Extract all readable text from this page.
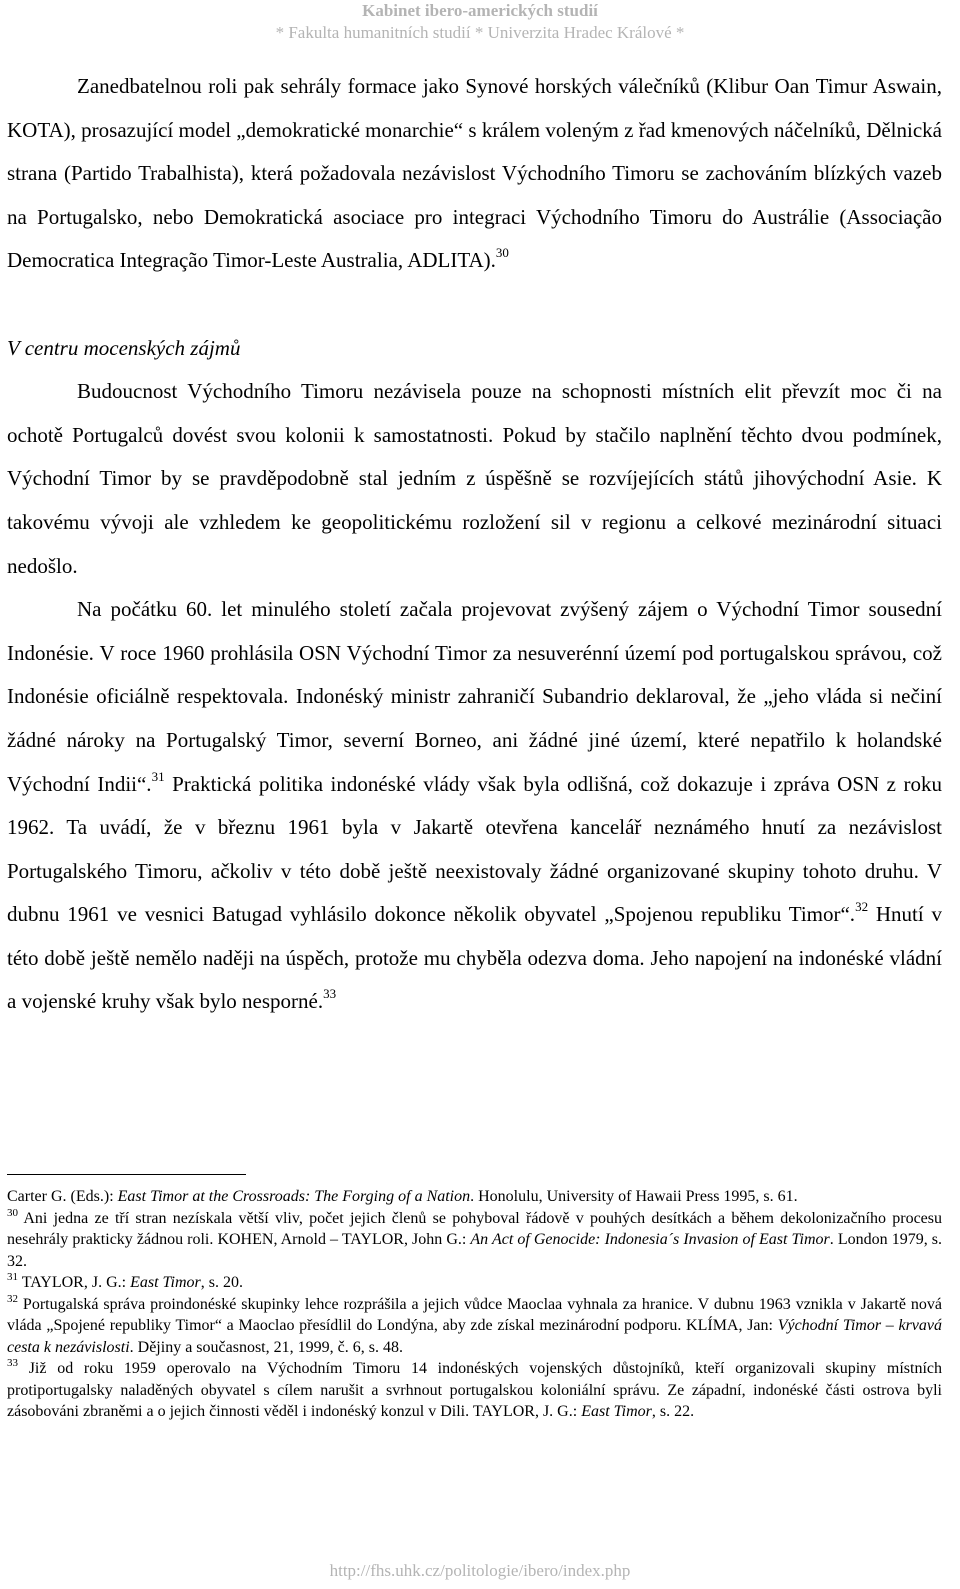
Kabinet ibero-amerických studií
* Fakulta humanitních studií * Univerzita Hradec Králové *

Zanedbatelnou roli pak sehrály formace jako Synové horských válečníků (Klibur Oan Timur Aswain, KOTA), prosazující model „demokratické monarchie“ s králem voleným z řad kmenových náčelníků, Dělnická strana (Partido Trabalhista), která požadovala nezávislost Východního Timoru se zachováním blízkých vazeb na Portugalsko, nebo Demokratická asociace pro integraci Východního Timoru do Austrálie (Associação Democratica Integração Timor-Leste Australia, ADLITA).$^{30}$

V centru mocenských zájmů

Budoucnost Východního Timoru nezávisela pouze na schopnosti místních elit převzít moc či na ochotě Portugalců dovést svou kolonii k samostatnosti. Pokud by stačilo naplnění těchto dvou podmínek, Východní Timor by se pravděpodobně stal jedním z úspěšně se rozvíjejících států jihovýchodní Asie. K takovému vývoji ale vzhledem ke geopolitickému rozložení sil v regionu a celkové mezinárodní situaci nedošlo.

Na počátku 60. let minulého století začala projevovat zvýšený zájem o Východní Timor sousední Indonésie. V roce 1960 prohlásila OSN Východní Timor za nesuverénní území pod portugalskou správou, což Indonésie oficiálně respektovala. Indonéský ministr zahraničí Subandrio deklaroval, že „jeho vláda si nečiní žádné nároky na Portugalský Timor, severní Borneo, ani žádné jiné území, které nepatřilo k holandské Východní Indii“.$^{31}$ Praktická politika indonéské vlády však byla odlišná, což dokazuje i zpráva OSN z roku 1962. Ta uvádí, že v březnu 1961 byla v Jakartě otevřena kancelář neznámého hnutí za nezávislost Portugalského Timoru, ačkoliv v této době ještě neexistovaly žádné organizované skupiny tohoto druhu. V dubnu 1961 ve vesnici Batugad vyhlásilo dokonce několik obyvatel „Spojenou republiku Timor“.$^{32}$ Hnutí v této době ještě nemělo naději na úspěch, protože mu chyběla odezva doma. Jeho napojení na indonéské vládní a vojenské kruhy však bylo nesporné.$^{33}$

Carter G. (Eds.): East Timor at the Crossroads: The Forging of a Nation. Honolulu, University of Hawaii Press 1995, s. 61.

$^{30}$ Ani jedna ze tří stran nezískala větší vliv, počet jejich členů se pohyboval řádově v pouhých desítkách a během dekolonizačního procesu nesehrály prakticky žádnou roli. KOHEN, Arnold – TAYLOR, John G.: An Act of Genocide: Indonesia´s Invasion of East Timor. London 1979, s. 32.

$^{31}$ TAYLOR, J. G.: East Timor, s. 20.

$^{32}$ Portugalská správa proindonéské skupinky lehce rozprášila a jejich vůdce Maoclaa vyhnala za hranice. V dubnu 1963 vznikla v Jakartě nová vláda „Spojené republiky Timor“ a Maoclao přesídlil do Londýna, aby zde získal mezinárodní podporu. KLÍMA, Jan: Východní Timor – krvavá cesta k nezávislosti. Dějiny a současnost, 21, 1999, č. 6, s. 48.

$^{33}$ Již od roku 1959 operovalo na Východním Timoru 14 indonéských vojenských důstojníků, kteří organizovali skupiny místních protiportugalsky naladěných obyvatel s cílem narušit a svrhnout portugalskou koloniální správu. Ze západní, indonéské části ostrova byli zásobováni zbraněmi a o jejich činnosti věděl i indonéský konzul v Dili. TAYLOR, J. G.: East Timor, s. 22.

http://fhs.uhk.cz/politologie/ibero/index.php
